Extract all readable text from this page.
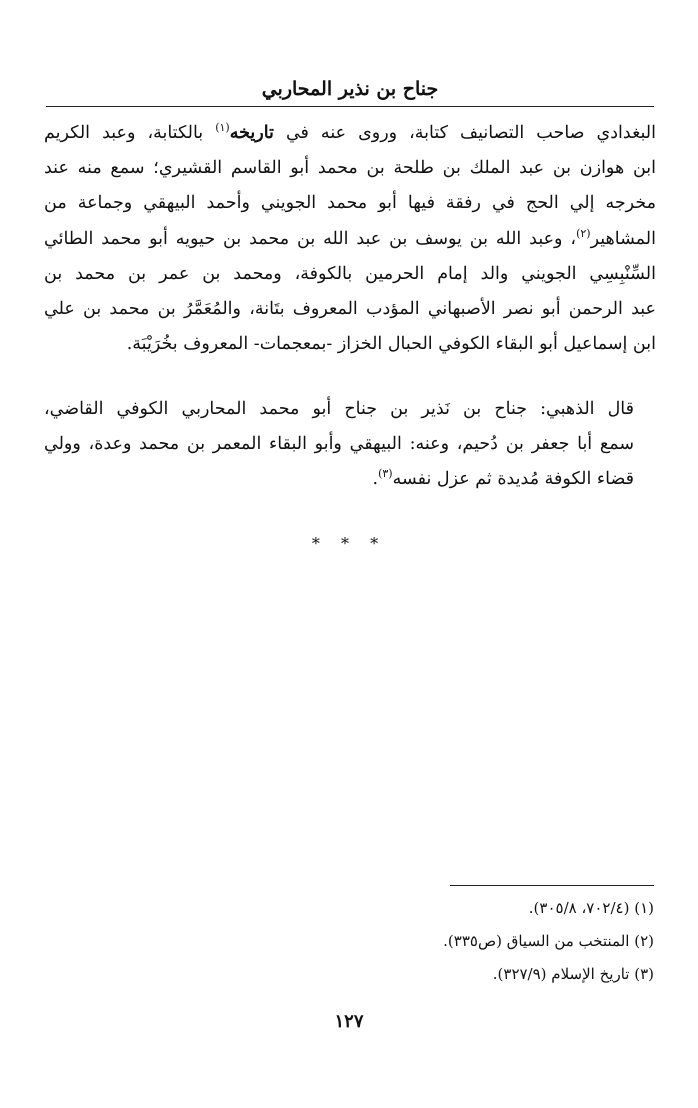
جناح بن نذير المحاربي
البغدادي صاحب التصانيف كتابة، وروى عنه في تاريخه$^{(١)}$ بالكتابة، وعبد الكريم
ابن هوازن بن عبد الملك بن طلحة بن محمد أبو القاسم القشيري؛ سمع منه عند
مخرجه إلي الحج في رفقة فيها أبو محمد الجويني وأحمد البيهقي وجماعة من
المشاهير$^{(٢)}$، وعبد الله بن يوسف بن عبد الله بن محمد بن حيويه أبو محمد الطائي
السِّنْبِسِي الجويني والد إمام الحرمين بالكوفة، ومحمد بن عمر بن محمد بن
عبد الرحمن أبو نصر الأصبهاني المؤدب المعروف بتَانة، والمُعَمَّرُ بن محمد بن علي
ابن إسماعيل أبو البقاء الكوفي الحبال الخزاز -بمعجمات- المعروف بخُرَيْبَة.
قال الذهبي: جناح بن نَذير بن جناح أبو محمد المحاربي الكوفي القاضي،
سمع أبا جعفر بن دُحيم، وعنه: البيهقي وأبو البقاء المعمر بن محمد وعدة، وولي
قضاء الكوفة مُديدة ثم عزل نفسه$^{(٣)}$.
* * *
(١) (٧٠٢/٤، ٣٠٥/٨).
(٢) المنتخب من السياق (ص٣٣٥).
(٣) تاريخ الإسلام (٣٢٧/٩).
١٢٧
